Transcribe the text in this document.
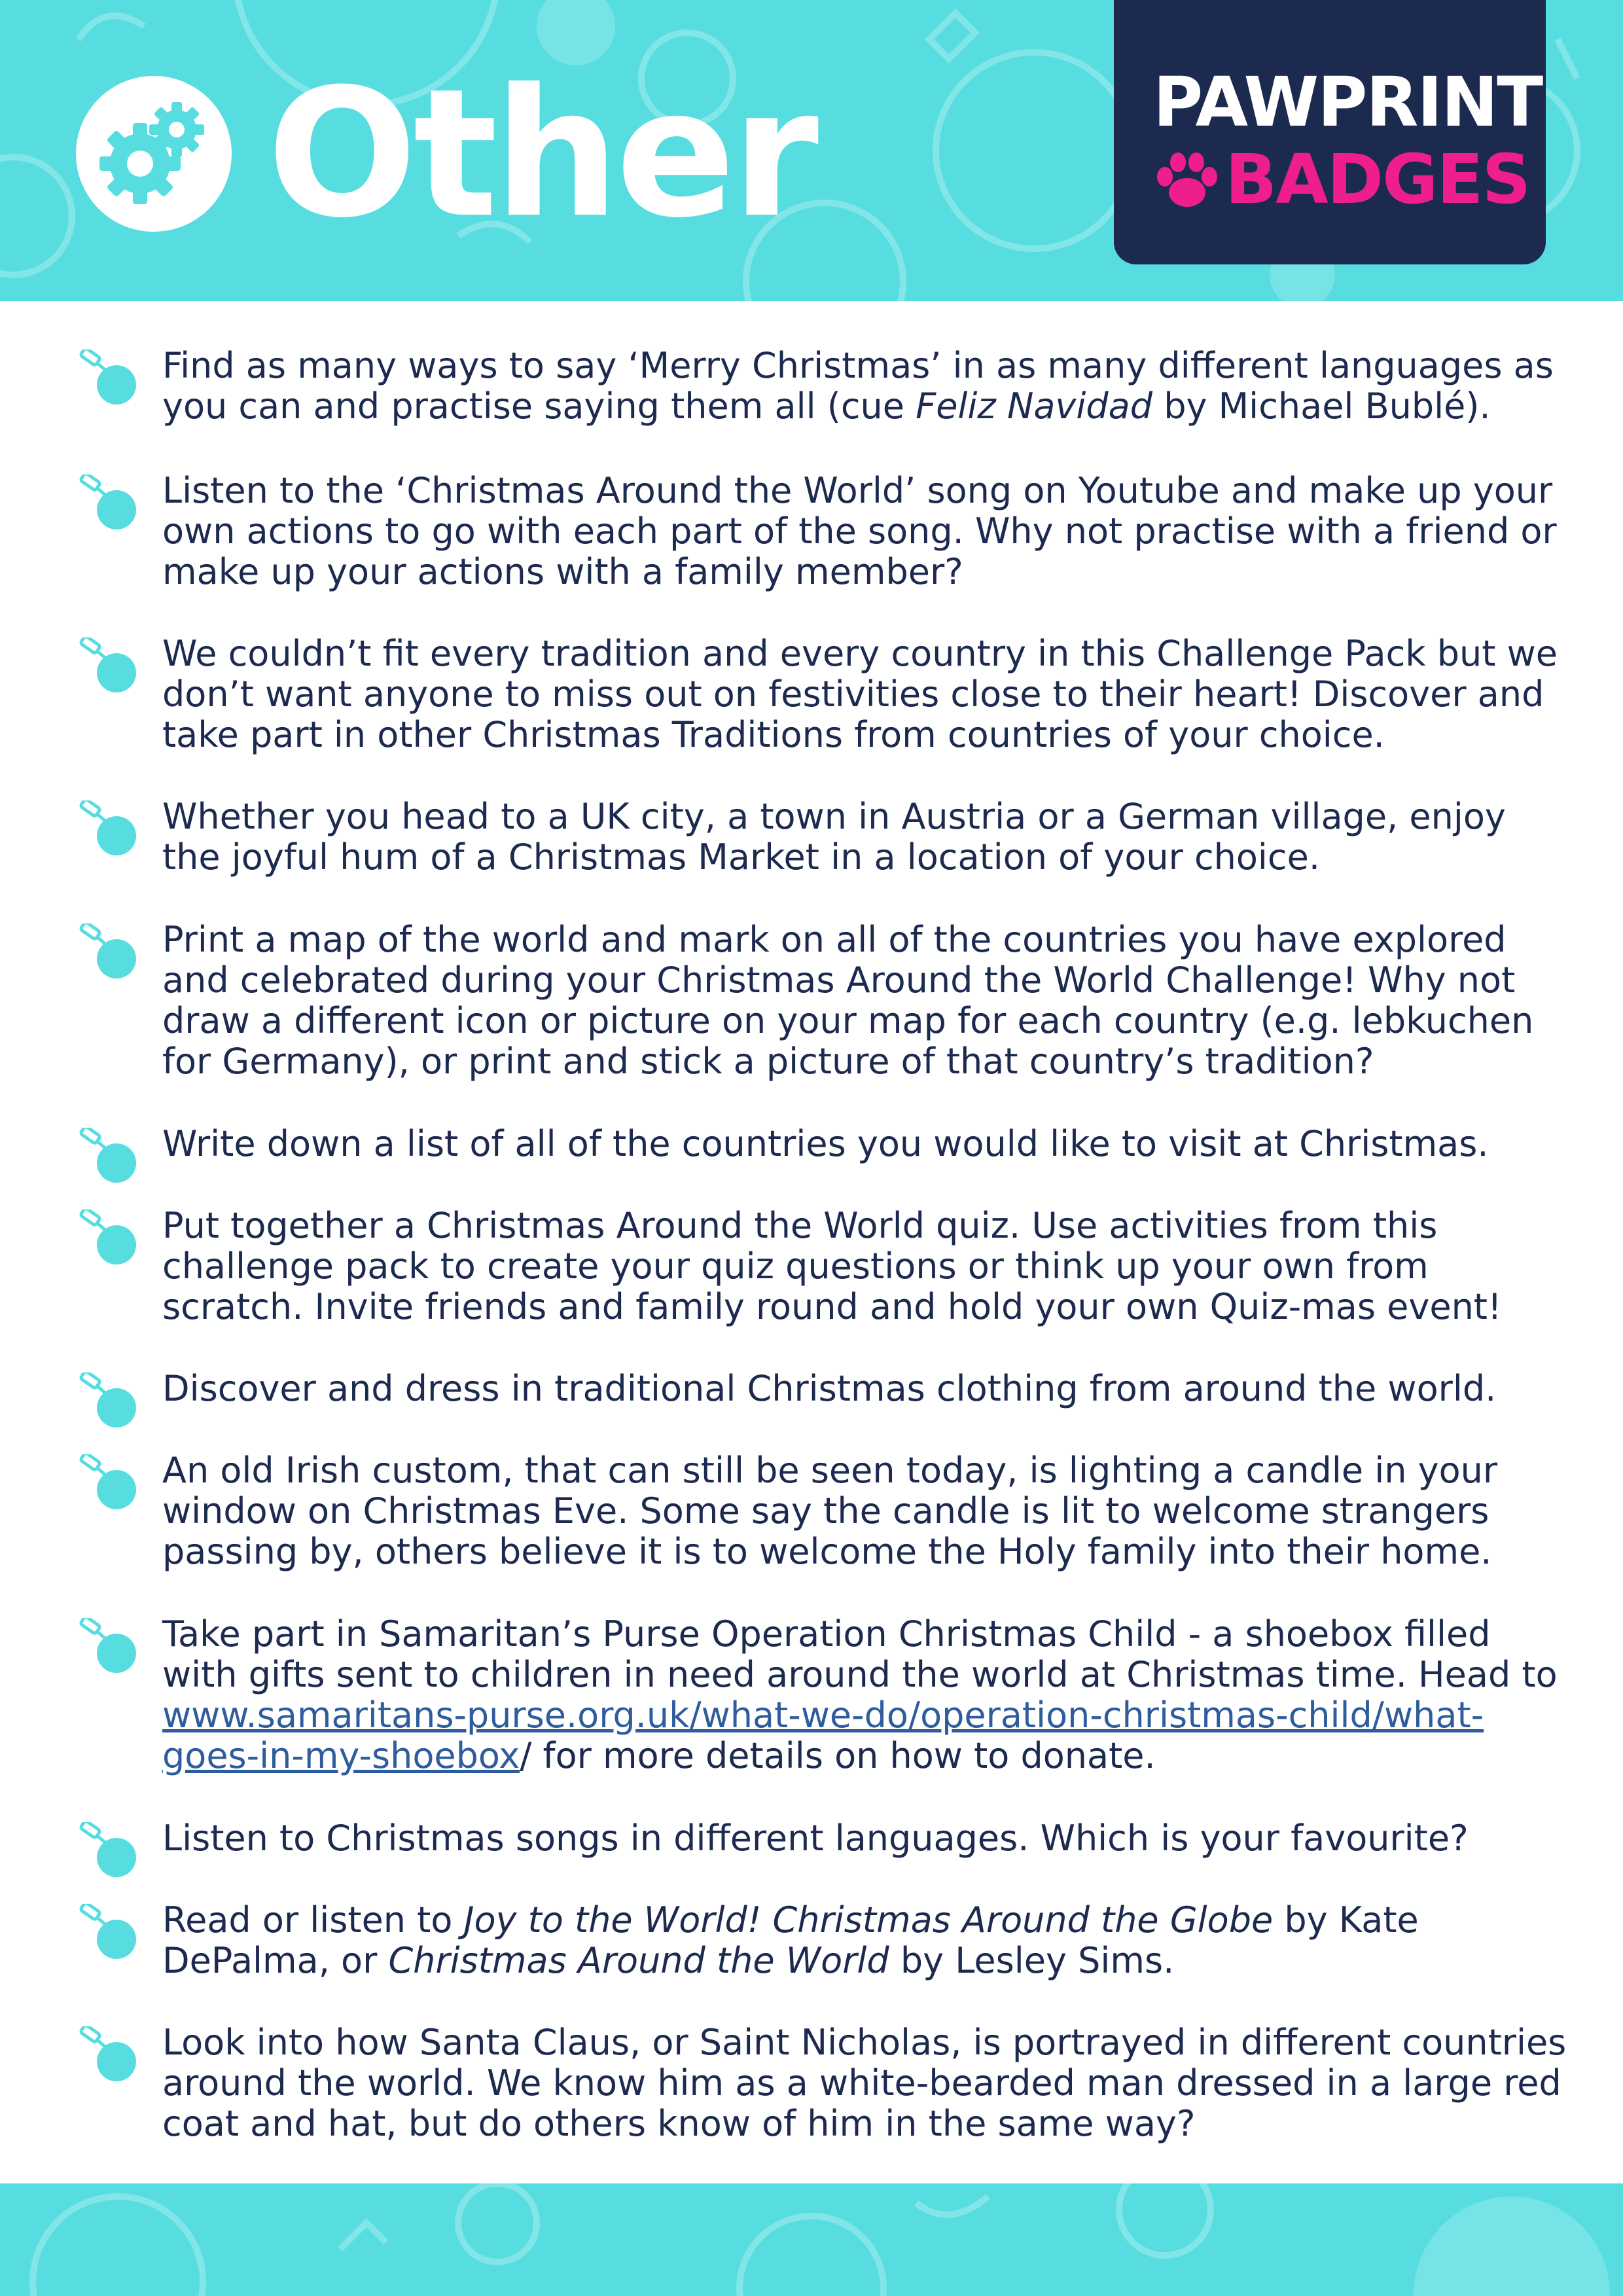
Other	PAWPRINT
BADGES
Find as many ways to say ‘Merry Christmas’ in as many different languages as you can and practise saying them all (cue Feliz Navidad by Michael Bublé).
Listen to the ‘Christmas Around the World’ song on Youtube and make up your own actions to go with each part of the song. Why not practise with a friend or make up your actions with a family member?
We couldn’t fit every tradition and every country in this Challenge Pack but we don’t want anyone to miss out on festivities close to their heart! Discover and take part in other Christmas Traditions from countries of your choice.
Whether you head to a UK city, a town in Austria or a German village, enjoy the joyful hum of a Christmas Market in a location of your choice.
Print a map of the world and mark on all of the countries you have explored and celebrated during your Christmas Around the World Challenge! Why not draw a different icon or picture on your map for each country (e.g. lebkuchen for Germany), or print and stick a picture of that country’s tradition?
Write down a list of all of the countries you would like to visit at Christmas.
Put together a Christmas Around the World quiz. Use activities from this challenge pack to create your quiz questions or think up your own from scratch. Invite friends and family round and hold your own Quiz-mas event!
Discover and dress in traditional Christmas clothing from around the world.
An old Irish custom, that can still be seen today, is lighting a candle in your window on Christmas Eve. Some say the candle is lit to welcome strangers passing by, others believe it is to welcome the Holy family into their home.
Take part in Samaritan’s Purse Operation Christmas Child - a shoebox filled with gifts sent to children in need around the world at Christmas time. Head to www.samaritans-purse.org.uk/what-we-do/operation-christmas-child/what-goes-in-my-shoebox/ for more details on how to donate.
Listen to Christmas songs in different languages. Which is your favourite?
Read or listen to Joy to the World! Christmas Around the Globe by Kate DePalma, or Christmas Around the World by Lesley Sims.
Look into how Santa Claus, or Saint Nicholas, is portrayed in different countries around the world. We know him as a white-bearded man dressed in a large red coat and hat, but do others know of him in the same way?
